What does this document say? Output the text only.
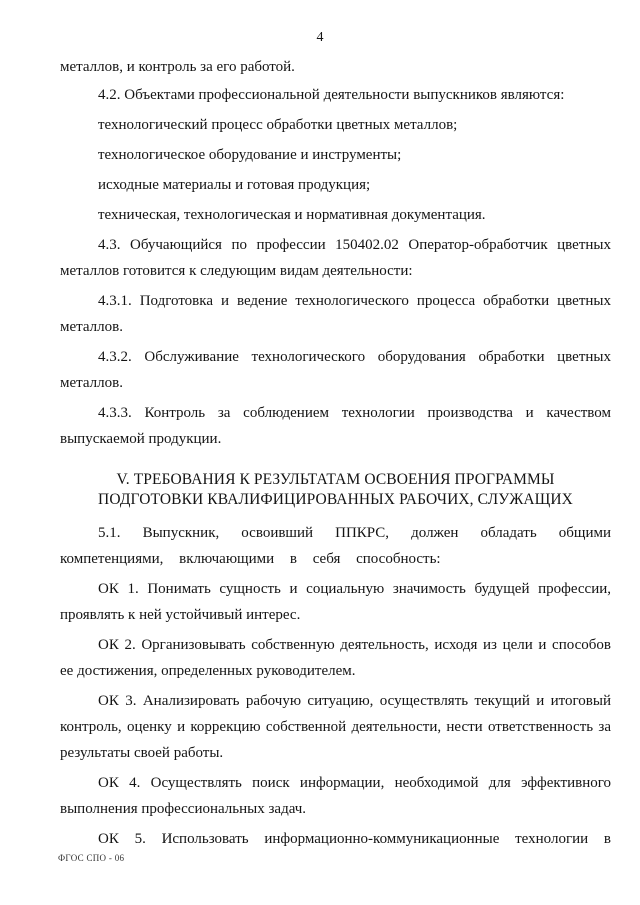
4

металлов, и контроль за его работой.

4.2. Объектами профессиональной деятельности выпускников являются:

технологический процесс обработки цветных металлов;

технологическое оборудование и инструменты;

исходные материалы и готовая продукция;

техническая, технологическая и нормативная документация.

4.3. Обучающийся по профессии 150402.02 Оператор-обработчик цветных металлов готовится к следующим видам деятельности:

4.3.1. Подготовка и ведение технологического процесса обработки цветных металлов.

4.3.2. Обслуживание технологического оборудования обработки цветных металлов.

4.3.3. Контроль за соблюдением технологии производства и качеством выпускаемой продукции.

V. ТРЕБОВАНИЯ К РЕЗУЛЬТАТАМ ОСВОЕНИЯ ПРОГРАММЫ
ПОДГОТОВКИ КВАЛИФИЦИРОВАННЫХ РАБОЧИХ, СЛУЖАЩИХ

5.1. Выпускник, освоивший ППКРС, должен обладать общими компетенциями, включающими в себя способность:

ОК 1. Понимать сущность и социальную значимость будущей профессии, проявлять к ней устойчивый интерес.

ОК 2. Организовывать собственную деятельность, исходя из цели и способов ее достижения, определенных руководителем.

ОК 3. Анализировать рабочую ситуацию, осуществлять текущий и итоговый контроль, оценку и коррекцию собственной деятельности, нести ответственность за результаты своей работы.

ОК 4. Осуществлять поиск информации, необходимой для эффективного выполнения профессиональных задач.

ОК 5. Использовать информационно-коммуникационные технологии в

ФГОС СПО - 06
